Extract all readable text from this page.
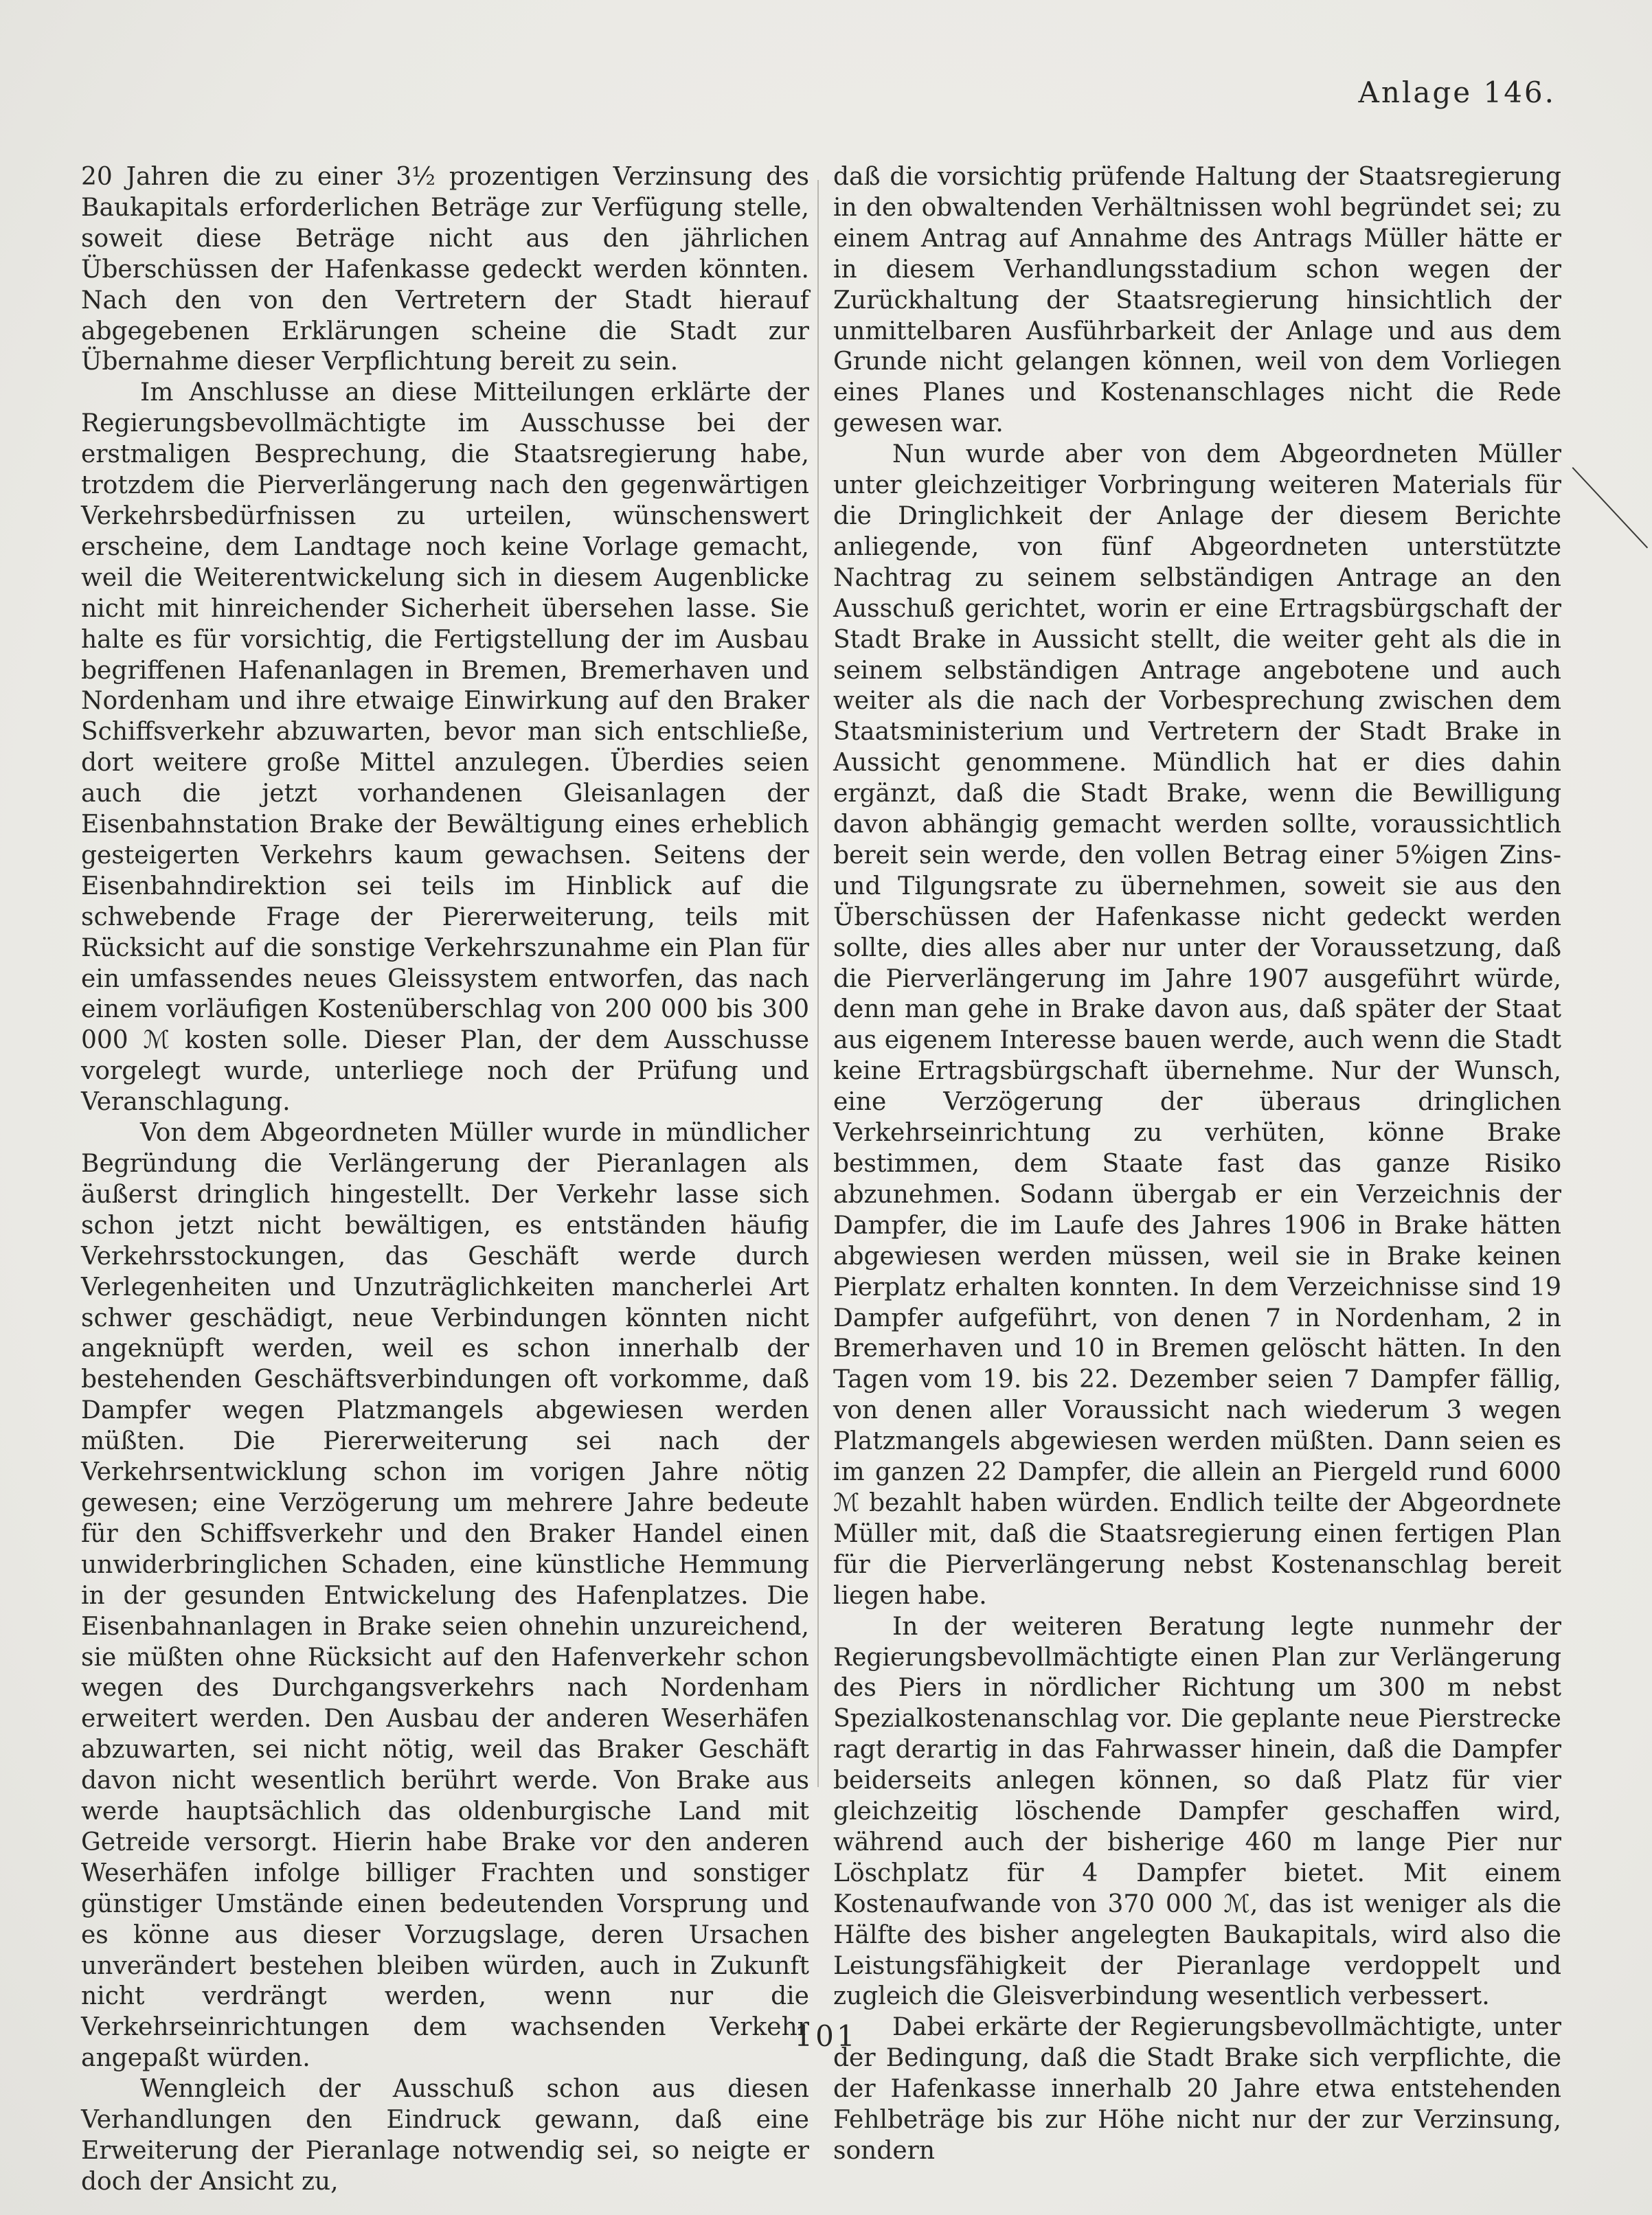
Anlage 146.

20 Jahren die zu einer 3½ prozentigen Verzinsung des Baukapitals erforderlichen Beträge zur Verfügung stelle, soweit diese Beträge nicht aus den jährlichen Überschüssen der Hafenkasse gedeckt werden könnten. Nach den von den Vertretern der Stadt hierauf abgegebenen Erklärungen scheine die Stadt zur Übernahme dieser Verpflichtung bereit zu sein.

Im Anschlusse an diese Mitteilungen erklärte der Regierungsbevollmächtigte im Ausschusse bei der erstmaligen Besprechung, die Staatsregierung habe, trotzdem die Pierverlängerung nach den gegenwärtigen Verkehrsbedürfnissen zu urteilen, wünschenswert erscheine, dem Landtage noch keine Vorlage gemacht, weil die Weiterentwickelung sich in diesem Augenblicke nicht mit hinreichender Sicherheit übersehen lasse. Sie halte es für vorsichtig, die Fertigstellung der im Ausbau begriffenen Hafenanlagen in Bremen, Bremerhaven und Nordenham und ihre etwaige Einwirkung auf den Braker Schiffsverkehr abzuwarten, bevor man sich entschließe, dort weitere große Mittel anzulegen. Überdies seien auch die jetzt vorhandenen Gleisanlagen der Eisenbahnstation Brake der Bewältigung eines erheblich gesteigerten Verkehrs kaum gewachsen. Seitens der Eisenbahndirektion sei teils im Hinblick auf die schwebende Frage der Piererweiterung, teils mit Rücksicht auf die sonstige Verkehrszunahme ein Plan für ein umfassendes neues Gleissystem entworfen, das nach einem vorläufigen Kostenüberschlag von 200 000 bis 300 000 ℳ kosten solle. Dieser Plan, der dem Ausschusse vorgelegt wurde, unterliege noch der Prüfung und Veranschlagung.

Von dem Abgeordneten Müller wurde in mündlicher Begründung die Verlängerung der Pieranlagen als äußerst dringlich hingestellt. Der Verkehr lasse sich schon jetzt nicht bewältigen, es entständen häufig Verkehrsstockungen, das Geschäft werde durch Verlegenheiten und Unzuträglichkeiten mancherlei Art schwer geschädigt, neue Verbindungen könnten nicht angeknüpft werden, weil es schon innerhalb der bestehenden Geschäftsverbindungen oft vorkomme, daß Dampfer wegen Platzmangels abgewiesen werden müßten. Die Piererweiterung sei nach der Verkehrsentwicklung schon im vorigen Jahre nötig gewesen; eine Verzögerung um mehrere Jahre bedeute für den Schiffsverkehr und den Braker Handel einen unwiderbringlichen Schaden, eine künstliche Hemmung in der gesunden Entwickelung des Hafenplatzes. Die Eisenbahnanlagen in Brake seien ohnehin unzureichend, sie müßten ohne Rücksicht auf den Hafenverkehr schon wegen des Durchgangsverkehrs nach Nordenham erweitert werden. Den Ausbau der anderen Weserhäfen abzuwarten, sei nicht nötig, weil das Braker Geschäft davon nicht wesentlich berührt werde. Von Brake aus werde hauptsächlich das oldenburgische Land mit Getreide versorgt. Hierin habe Brake vor den anderen Weserhäfen infolge billiger Frachten und sonstiger günstiger Umstände einen bedeutenden Vorsprung und es könne aus dieser Vorzugslage, deren Ursachen unverändert bestehen bleiben würden, auch in Zukunft nicht verdrängt werden, wenn nur die Verkehrseinrichtungen dem wachsenden Verkehr angepaßt würden.

Wenngleich der Ausschuß schon aus diesen Verhandlungen den Eindruck gewann, daß eine Erweiterung der Pieranlage notwendig sei, so neigte er doch der Ansicht zu,

daß die vorsichtig prüfende Haltung der Staatsregierung in den obwaltenden Verhältnissen wohl begründet sei; zu einem Antrag auf Annahme des Antrags Müller hätte er in diesem Verhandlungsstadium schon wegen der Zurückhaltung der Staatsregierung hinsichtlich der unmittelbaren Ausführbarkeit der Anlage und aus dem Grunde nicht gelangen können, weil von dem Vorliegen eines Planes und Kostenanschlages nicht die Rede gewesen war.

Nun wurde aber von dem Abgeordneten Müller unter gleichzeitiger Vorbringung weiteren Materials für die Dringlichkeit der Anlage der diesem Berichte anliegende, von fünf Abgeordneten unterstützte Nachtrag zu seinem selbständigen Antrage an den Ausschuß gerichtet, worin er eine Ertragsbürgschaft der Stadt Brake in Aussicht stellt, die weiter geht als die in seinem selbständigen Antrage angebotene und auch weiter als die nach der Vorbesprechung zwischen dem Staatsministerium und Vertretern der Stadt Brake in Aussicht genommene. Mündlich hat er dies dahin ergänzt, daß die Stadt Brake, wenn die Bewilligung davon abhängig gemacht werden sollte, voraussichtlich bereit sein werde, den vollen Betrag einer 5%igen Zins- und Tilgungsrate zu übernehmen, soweit sie aus den Überschüssen der Hafenkasse nicht gedeckt werden sollte, dies alles aber nur unter der Voraussetzung, daß die Pierverlängerung im Jahre 1907 ausgeführt würde, denn man gehe in Brake davon aus, daß später der Staat aus eigenem Interesse bauen werde, auch wenn die Stadt keine Ertragsbürgschaft übernehme. Nur der Wunsch, eine Verzögerung der überaus dringlichen Verkehrseinrichtung zu verhüten, könne Brake bestimmen, dem Staate fast das ganze Risiko abzunehmen. Sodann übergab er ein Verzeichnis der Dampfer, die im Laufe des Jahres 1906 in Brake hätten abgewiesen werden müssen, weil sie in Brake keinen Pierplatz erhalten konnten. In dem Verzeichnisse sind 19 Dampfer aufgeführt, von denen 7 in Nordenham, 2 in Bremerhaven und 10 in Bremen gelöscht hätten. In den Tagen vom 19. bis 22. Dezember seien 7 Dampfer fällig, von denen aller Voraussicht nach wiederum 3 wegen Platzmangels abgewiesen werden müßten. Dann seien es im ganzen 22 Dampfer, die allein an Piergeld rund 6000 ℳ bezahlt haben würden. Endlich teilte der Abgeordnete Müller mit, daß die Staatsregierung einen fertigen Plan für die Pierverlängerung nebst Kostenanschlag bereit liegen habe.

In der weiteren Beratung legte nunmehr der Regierungsbevollmächtigte einen Plan zur Verlängerung des Piers in nördlicher Richtung um 300 m nebst Spezialkostenanschlag vor. Die geplante neue Pierstrecke ragt derartig in das Fahrwasser hinein, daß die Dampfer beiderseits anlegen können, so daß Platz für vier gleichzeitig löschende Dampfer geschaffen wird, während auch der bisherige 460 m lange Pier nur Löschplatz für 4 Dampfer bietet. Mit einem Kostenaufwande von 370 000 ℳ, das ist weniger als die Hälfte des bisher angelegten Baukapitals, wird also die Leistungsfähigkeit der Pieranlage verdoppelt und zugleich die Gleisverbindung wesentlich verbessert.

Dabei erkärte der Regierungsbevollmächtigte, unter der Bedingung, daß die Stadt Brake sich verpflichte, die der Hafenkasse innerhalb 20 Jahre etwa entstehenden Fehlbeträge bis zur Höhe nicht nur der zur Verzinsung, sondern

101
